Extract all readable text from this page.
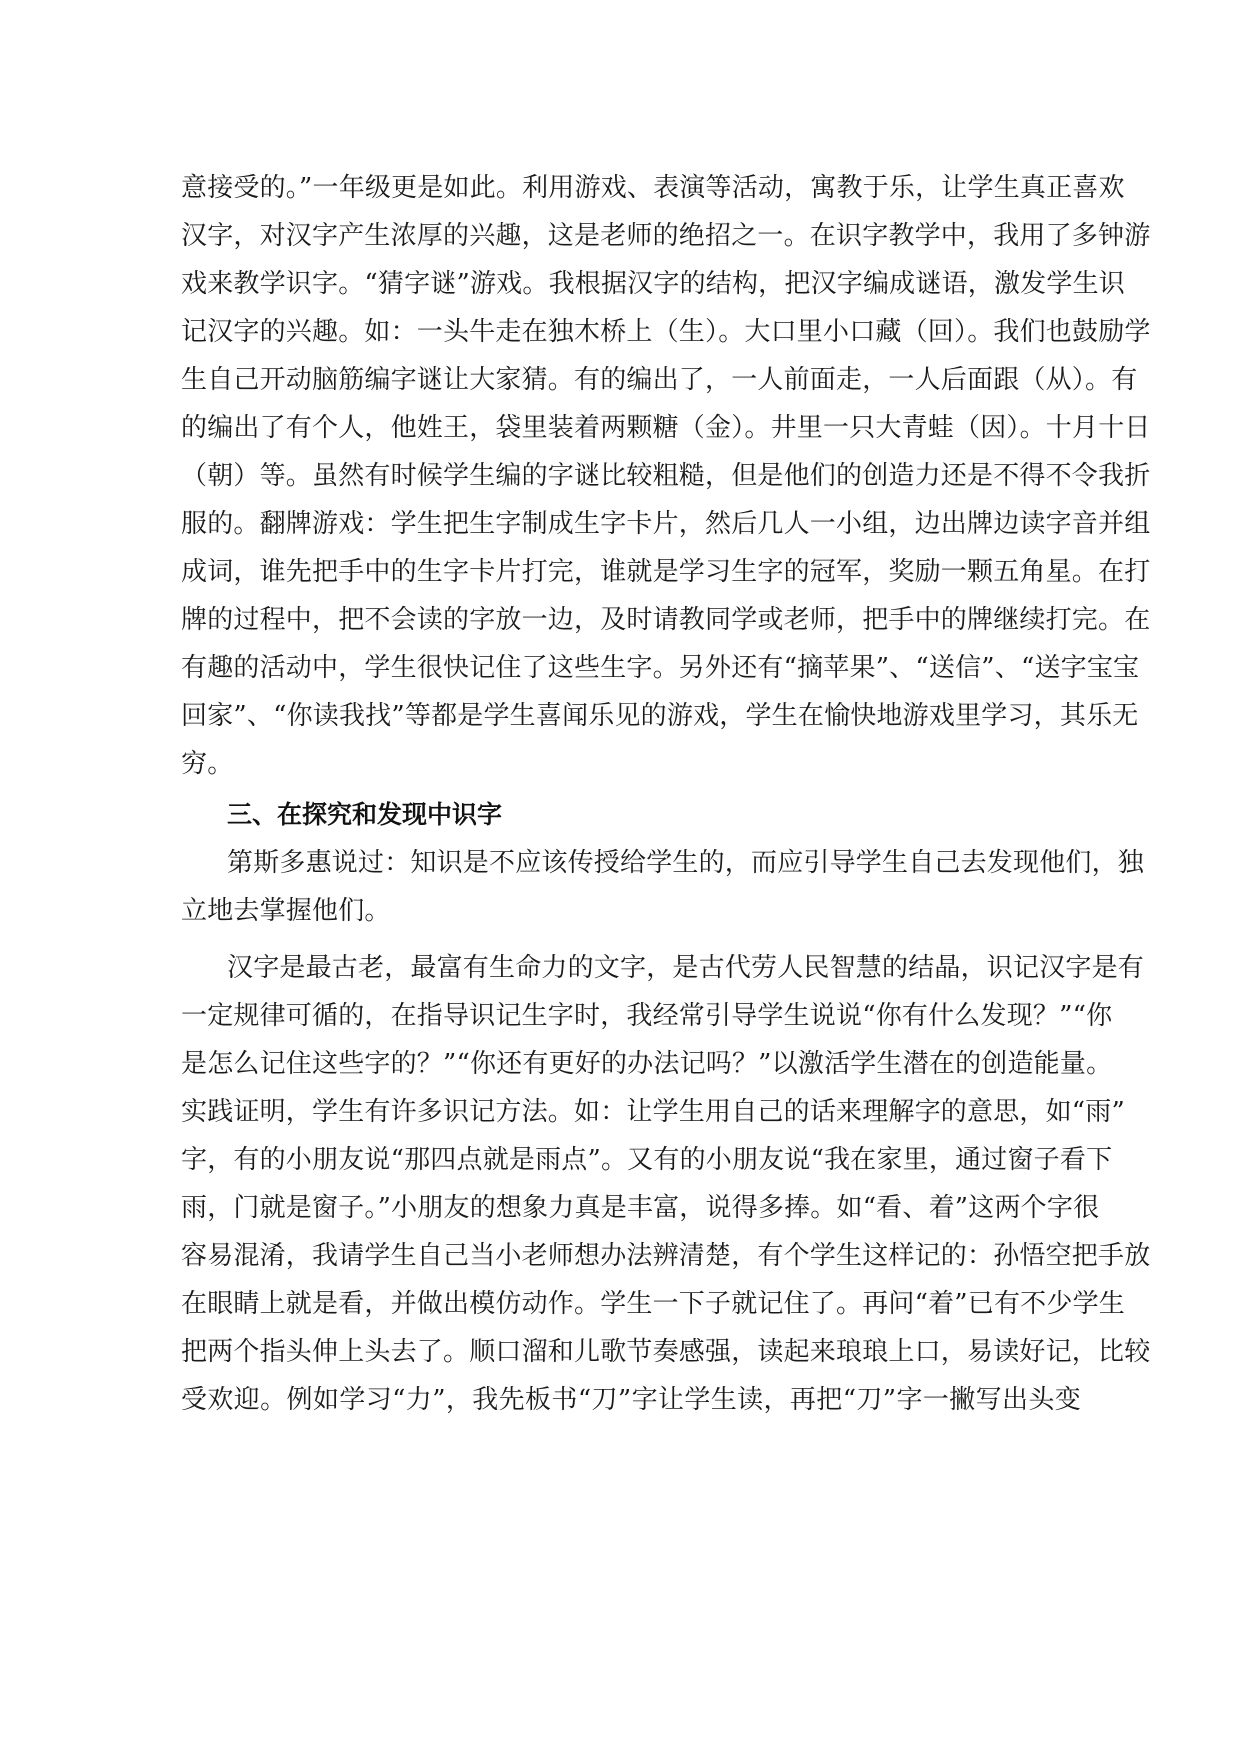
意接受的。”一年级更是如此。利用游戏、表演等活动，寓教于乐，让学生真正喜欢

汉字，对汉字产生浓厚的兴趣，这是老师的绝招之一。在识字教学中，我用了多钟游

戏来教学识字。“猜字谜”游戏。我根据汉字的结构，把汉字编成谜语，激发学生识

记汉字的兴趣。如：一头牛走在独木桥上（生）。大口里小口藏（回）。我们也鼓励学

生自己开动脑筋编字谜让大家猜。有的编出了，一人前面走，一人后面跟（从）。有

的编出了有个人，他姓王，袋里装着两颗糖（金）。井里一只大青蛙（因）。十月十日

（朝）等。虽然有时候学生编的字谜比较粗糙，但是他们的创造力还是不得不令我折

服的。翻牌游戏：学生把生字制成生字卡片，然后几人一小组，边出牌边读字音并组

成词，谁先把手中的生字卡片打完，谁就是学习生字的冠军，奖励一颗五角星。在打

牌的过程中，把不会读的字放一边，及时请教同学或老师，把手中的牌继续打完。在

有趣的活动中，学生很快记住了这些生字。另外还有“摘苹果”、“送信”、“送字宝宝

回家”、“你读我找”等都是学生喜闻乐见的游戏，学生在愉快地游戏里学习，其乐无

穷。

三、在探究和发现中识字

第斯多惠说过：知识是不应该传授给学生的，而应引导学生自己去发现他们，独

立地去掌握他们。

汉字是最古老，最富有生命力的文字，是古代劳人民智慧的结晶，识记汉字是有

一定规律可循的，在指导识记生字时，我经常引导学生说说“你有什么发现？”“你

是怎么记住这些字的？”“你还有更好的办法记吗？”以激活学生潜在的创造能量。

实践证明，学生有许多识记方法。如：让学生用自己的话来理解字的意思，如“雨”

字，有的小朋友说“那四点就是雨点”。又有的小朋友说“我在家里，通过窗子看下

雨，门就是窗子。”小朋友的想象力真是丰富，说得多捧。如“看、着”这两个字很

容易混淆，我请学生自己当小老师想办法辨清楚，有个学生这样记的：孙悟空把手放

在眼睛上就是看，并做出模仿动作。学生一下子就记住了。再问“着”已有不少学生

把两个指头伸上头去了。顺口溜和儿歌节奏感强，读起来琅琅上口，易读好记，比较

受欢迎。例如学习“力”，我先板书“刀”字让学生读，再把“刀”字一撇写出头变
